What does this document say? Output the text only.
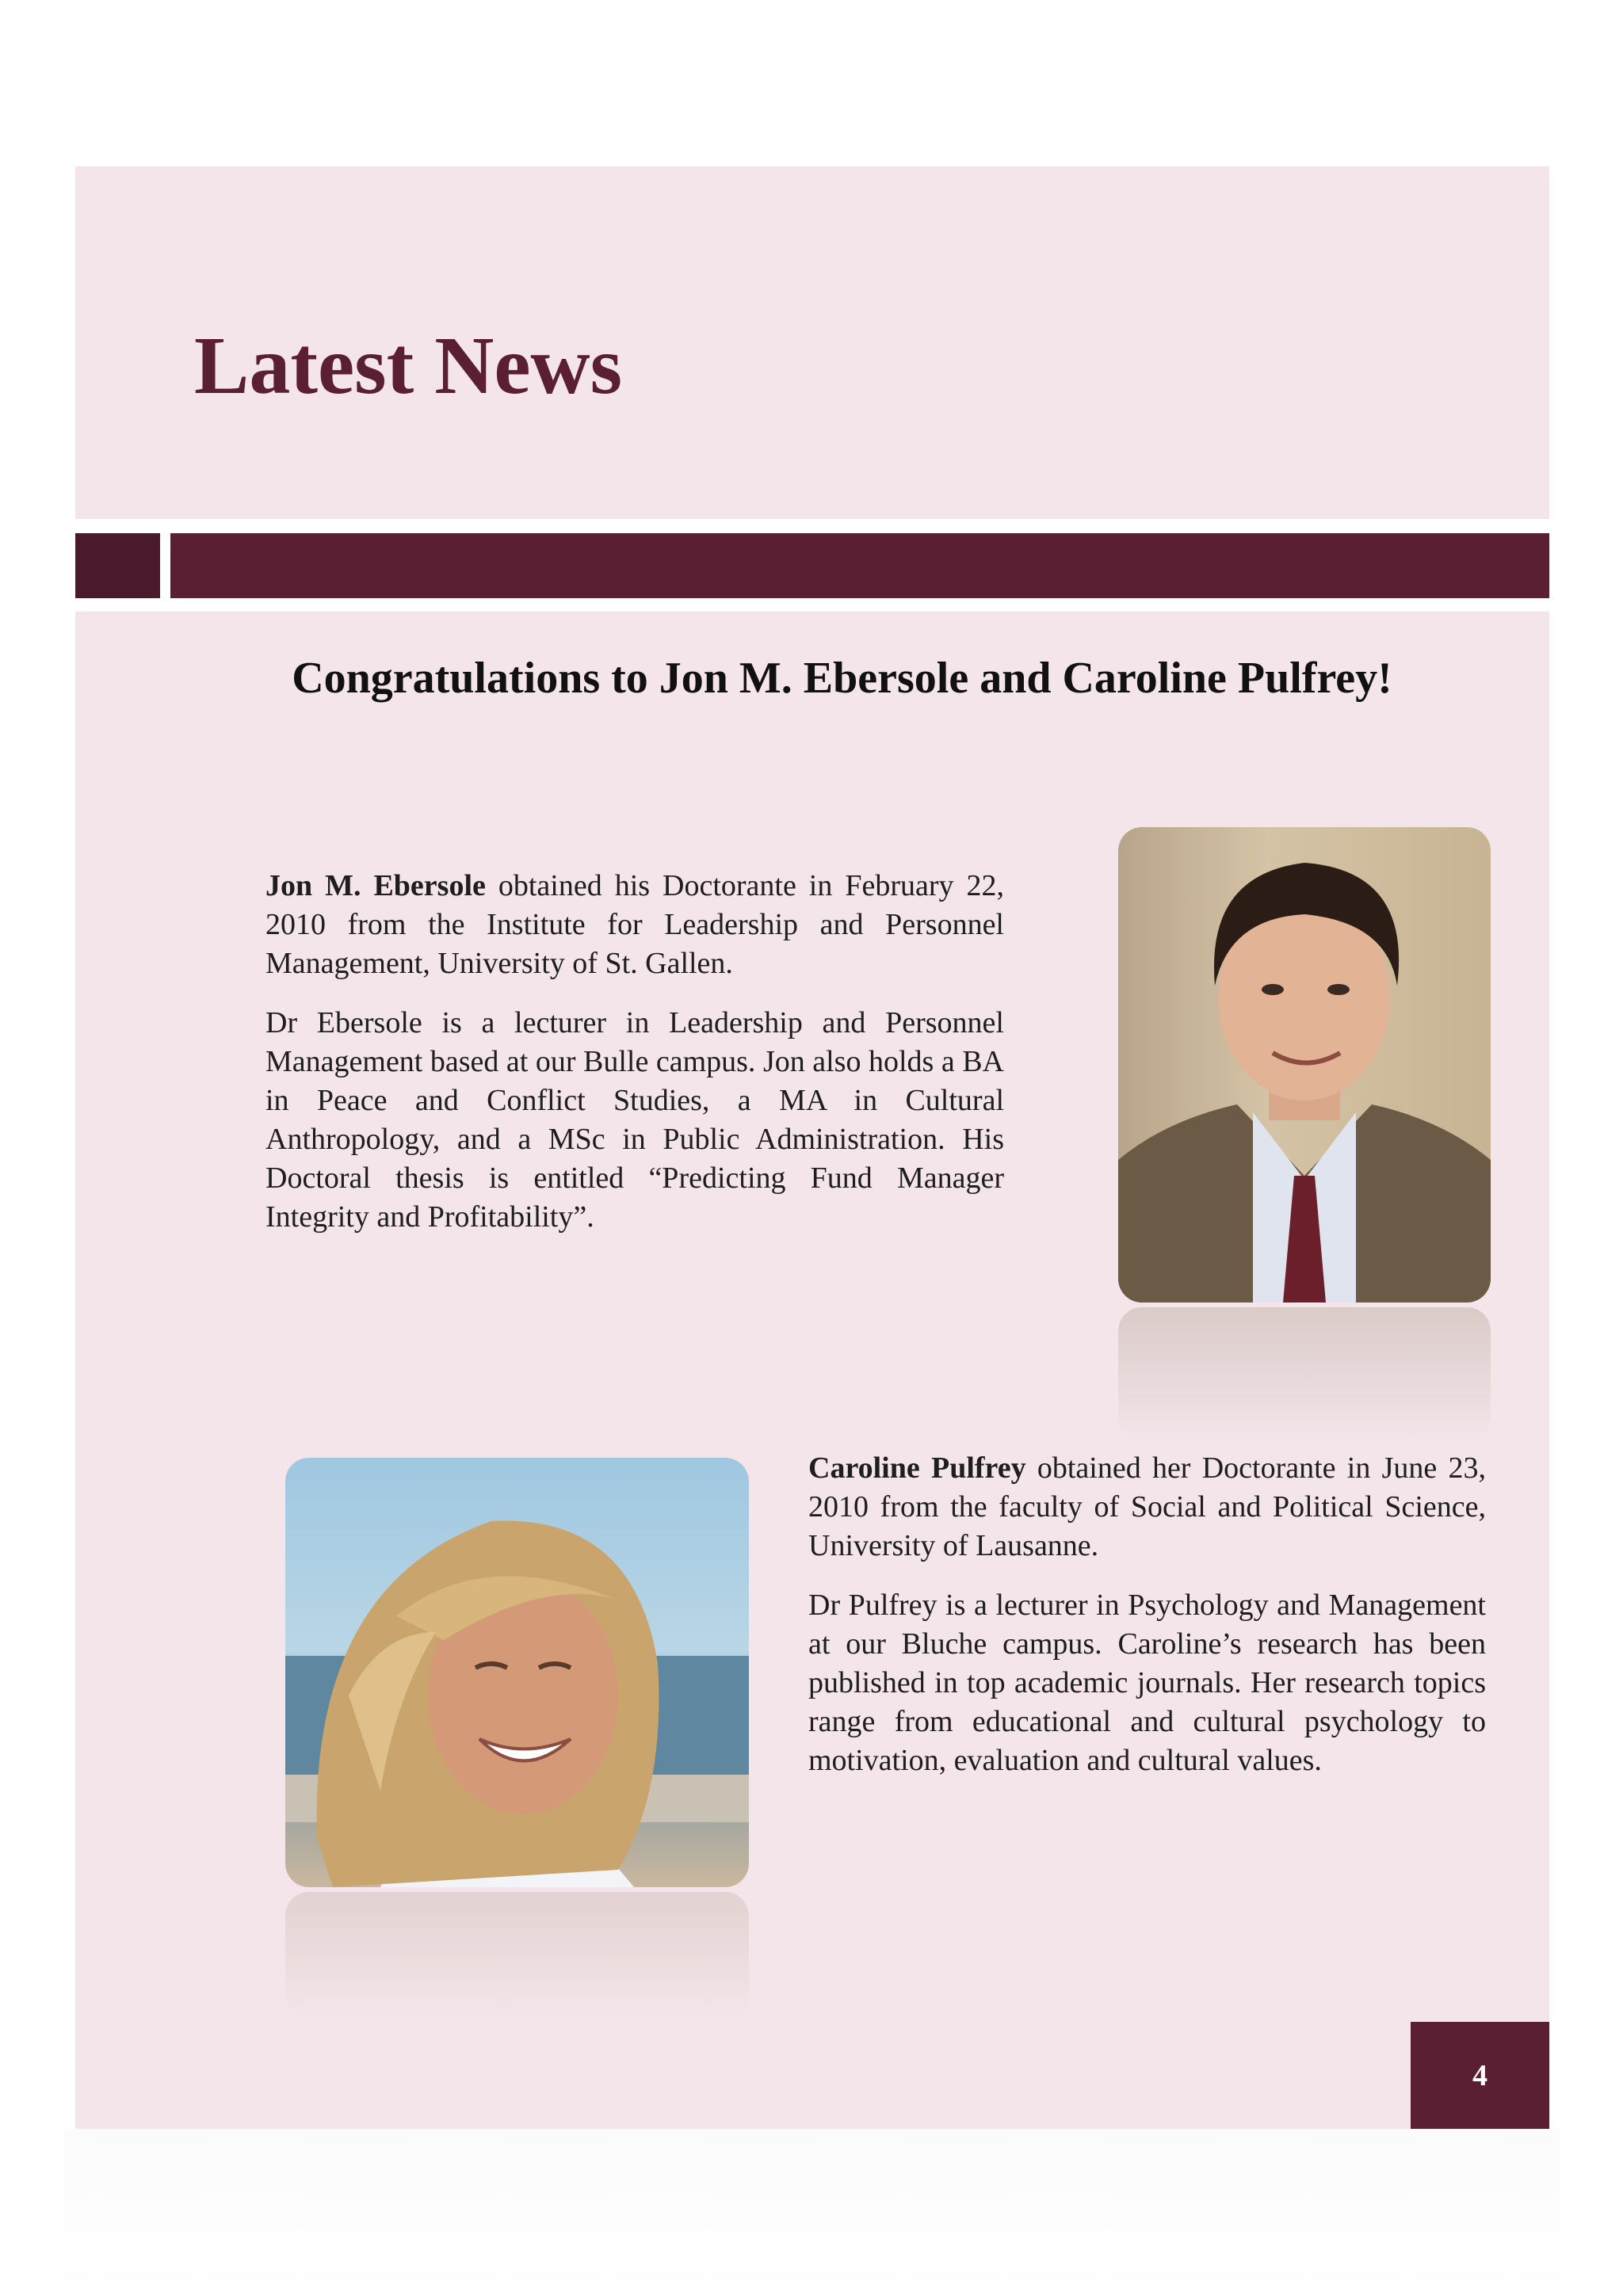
Latest News
Congratulations to Jon M. Ebersole and Caroline Pulfrey!

Jon M. Ebersole obtained his Doctorante in February 22, 2010 from the Institute for Leadership and Personnel Management, University of St. Gallen.

Dr Ebersole is a lecturer in Leadership and Personnel Management based at our Bulle campus. Jon also holds a BA in Peace and Conflict Studies, a MA in Cultural Anthropology, and a MSc in Public Administration. His Doctoral thesis is entitled “Predicting Fund Manager Integrity and Profitability”.

Caroline Pulfrey obtained her Doctorante in June 23, 2010 from the faculty of Social and Political Science, University of Lausanne.

Dr Pulfrey is a lecturer in Psychology and Management at our Bluche campus. Caroline’s research has been published in top academic journals. Her research topics range from educational and cultural psychology to motivation, evaluation and cultural values.

4
